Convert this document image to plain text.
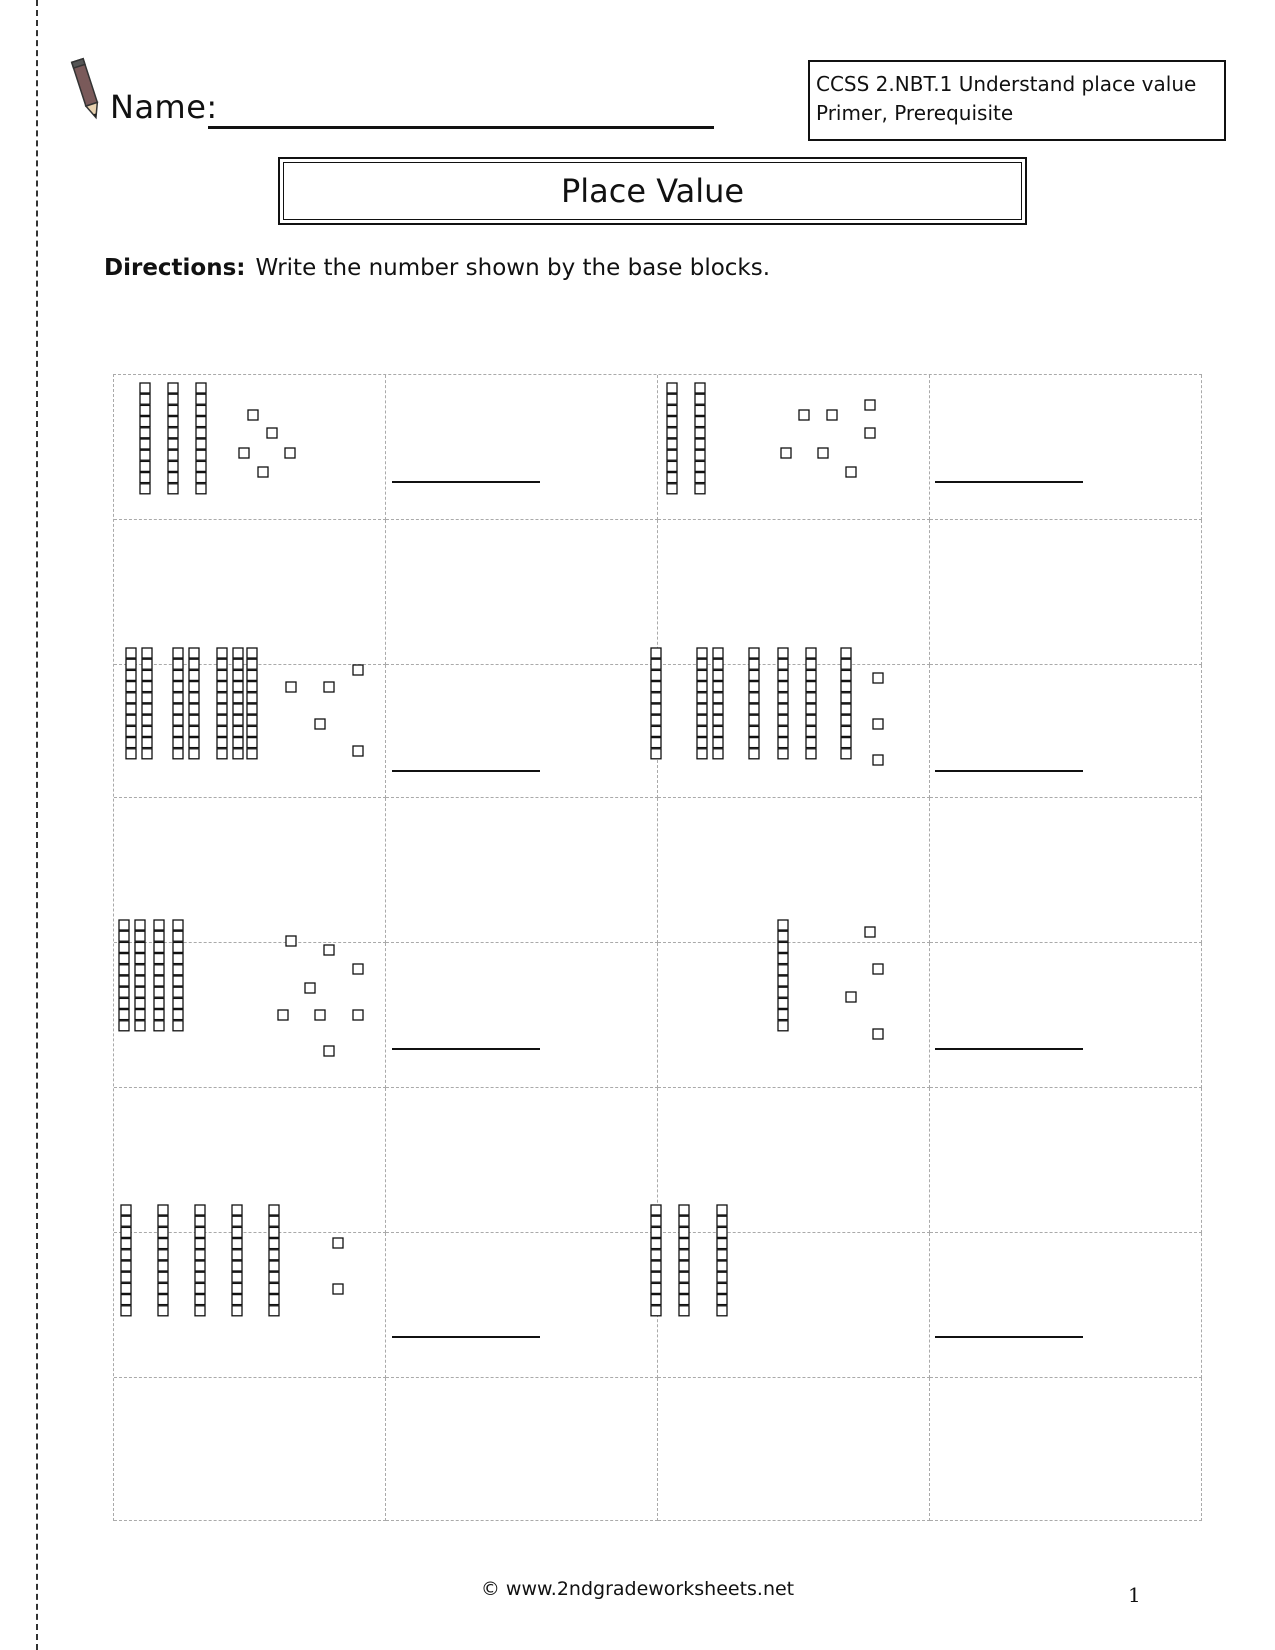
Name:
CCSS 2.NBT.1 Understand place value
Primer, Prerequisite
Place Value
Directions: Write the number shown by the base blocks.
© www.2ndgradeworksheets.net	1
